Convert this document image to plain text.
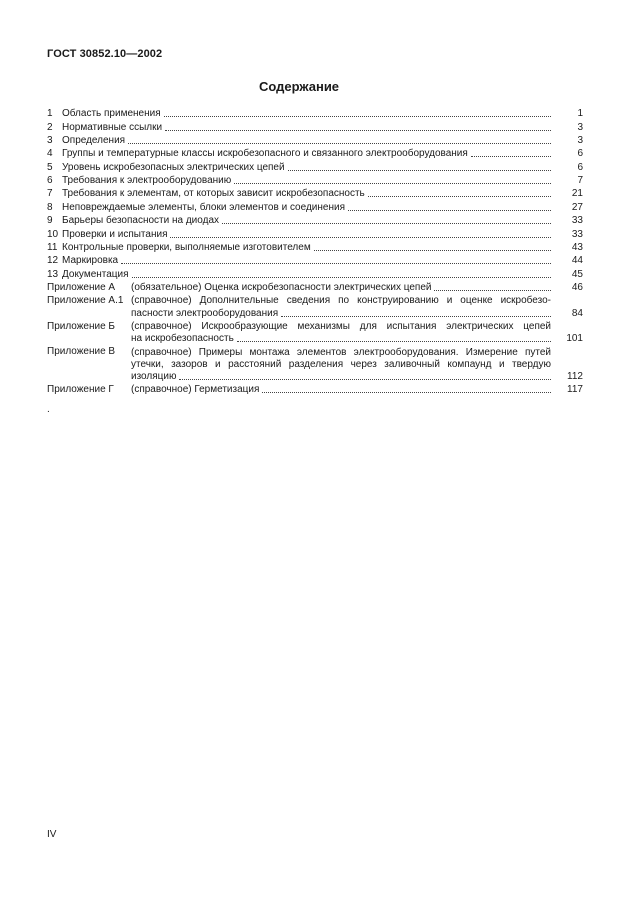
ГОСТ 30852.10—2002
Содержание
1 Область применения	1
2 Нормативные ссылки	3
3 Определения	3
4 Группы и температурные классы искробезопасного и связанного электрооборудования	6
5 Уровень искробезопасных электрических цепей	6
6 Требования к электрооборудованию	7
7 Требования к элементам, от которых зависит искробезопасность	21
8 Неповреждаемые элементы, блоки элементов и соединения	27
9 Барьеры безопасности на диодах	33
10 Проверки и испытания	33
11 Контрольные проверки, выполняемые изготовителем	43
12 Маркировка	44
13 Документация	45
Приложение А	(обязательное) Оценка искробезопасности электрических цепей	46
Приложение А.1 (справочное) Дополнительные сведения по конструированию и оценке искробезо-
пасности электрооборудования	84
Приложение Б	(справочное) Искрообразующие механизмы для испытания электрических цепей
на искробезопасность	101
Приложение В	(справочное) Примеры монтажа элементов электрооборудования. Измерение путей
утечки, зазоров и расстояний разделения через заливочный компаунд и твердую
изоляцию	112
Приложение Г	(справочное) Герметизация	117
.
IV
